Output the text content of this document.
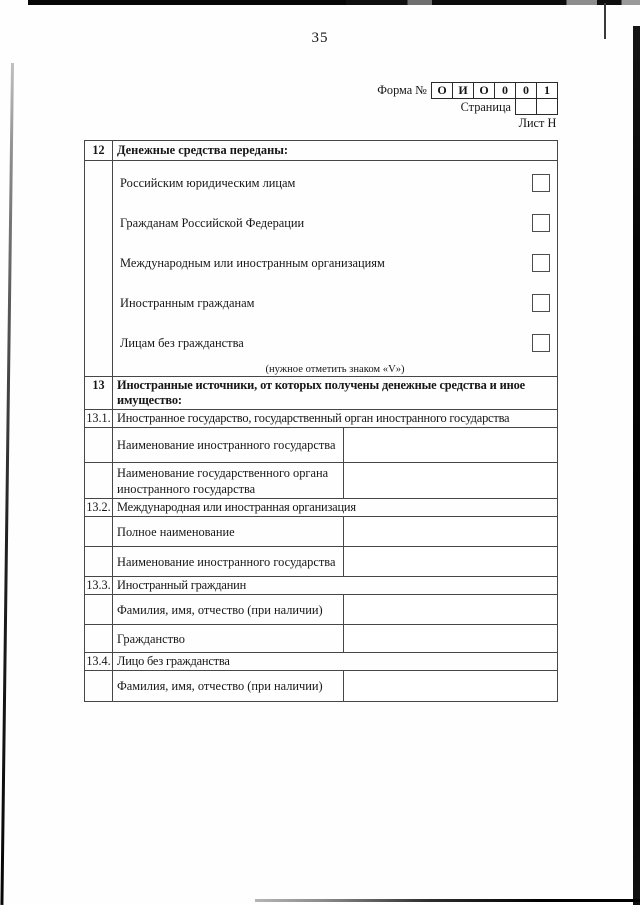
35
Форма № О И О	0	0	1
Страница
Лист Н
12	Денежные средства переданы:	

Российским юридическим лицам
Гражданам Российской Федерации
Международным или иностранным организациям
Иностранным гражданам
Лицам без гражданства
(нужное отметить знаком «V»)

13	Иностранные источники, от которых получены денежные средства и иное имущество:	
13.1.	Иностранное государство, государственный орган иностранного государства	
	Наименование иностранного государства	
	Наименование государственного органа иностранного государства	
13.2.	Международная или иностранная организация	
	Полное наименование	
	Наименование иностранного государства	
13.3.	Иностранный гражданин	
	Фамилия, имя, отчество (при наличии)	
	Гражданство	
13.4.	Лицо без гражданства	
	Фамилия, имя, отчество (при наличии)	
